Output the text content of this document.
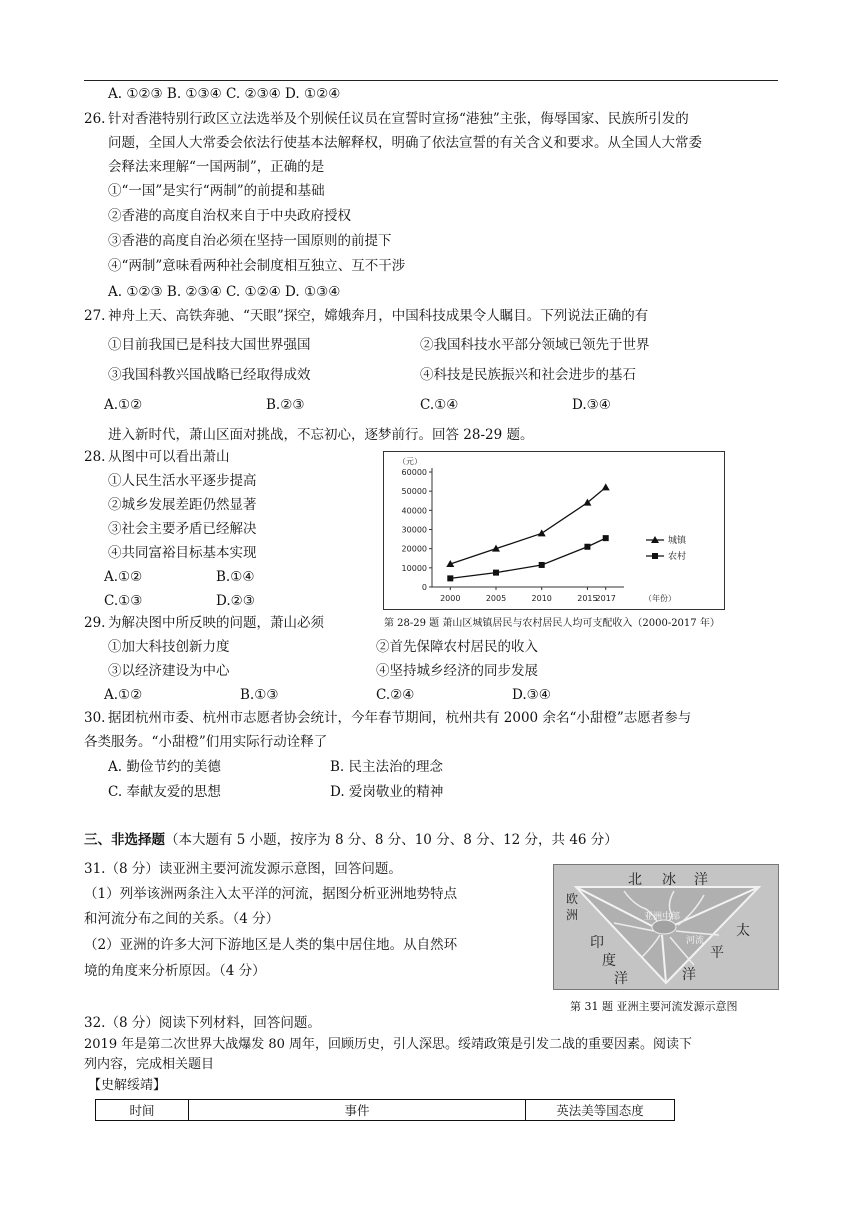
A. ①②③ B. ①③④ C. ②③④ D. ①②④
26. 针对香港特别行政区立法选举及个别候任议员在宣誓时宣扬“港独”主张，侮辱国家、民族所引发的
问题，全国人大常委会依法行使基本法解释权，明确了依法宣誓的有关含义和要求。从全国人大常委
会释法来理解“一国两制”，正确的是
①“一国”是实行“两制”的前提和基础
②香港的高度自治权来自于中央政府授权
③香港的高度自治必须在坚持一国原则的前提下
④“两制”意味看两种社会制度相互独立、互不干涉
A. ①②③ B. ②③④ C. ①②④ D. ①③④
27. 神舟上天、高铁奔驰、“天眼”探空，嫦娥奔月，中国科技成果令人瞩目。下列说法正确的有
①目前我国已是科技大国世界强国	②我国科技水平部分领域已领先于世界
③我国科教兴国战略已经取得成效	④科技是民族振兴和社会进步的基石
A.①②	B.②③	C.①④	D.③④
进入新时代，萧山区面对挑战，不忘初心，逐梦前行。回答 28-29 题。
28. 从图中可以看出萧山
①人民生活水平逐步提高
②城乡发展差距仍然显著
③社会主要矛盾已经解决
④共同富裕目标基本实现
A.①②	B.①④
C.①③	D.②③
0
10000
20000
30000
40000
50000
60000
（元）
2000	2005	2010	2015
2017	（年份）
城镇
农村
第 28-29 题 萧山区城镇居民与农村居民人均可支配收入（2000-2017 年）
29. 为解决图中所反映的问题，萧山必须
①加大科技创新力度	②首先保障农村居民的收入
③以经济建设为中心	④坚持城乡经济的同步发展
A.①②	B.①③	C.②④	D.③④
30. 据团杭州市委、杭州市志愿者协会统计，今年春节期间，杭州共有 2000 余名“小甜橙”志愿者参与
各类服务。“小甜橙”们用实际行动诠释了
A. 勤俭节约的美德	B. 民主法治的理念
C. 奉献友爱的思想	D. 爱岗敬业的精神
三、非选择题（本大题有 5 小题，按序为 8 分、8 分、10 分、8 分、12 分，共 46 分）
31.（8 分）读亚洲主要河流发源示意图，回答问题。
（1）列举该洲两条注入太平洋的河流，据图分析亚洲地势特点
和河流分布之间的关系。（4 分）
（2）亚洲的许多大河下游地区是人类的集中居住地。从自然环
境的角度来分析原因。（4 分）
北 冰 洋
欧
洲	亚洲中部
河流
印
度
洋
太
平
洋
第 31 题 亚洲主要河流发源示意图
32.（8 分）阅读下列材料，回答问题。
2019 年是第二次世界大战爆发 80 周年，回顾历史，引人深思。绥靖政策是引发二战的重要因素。阅读下
列内容，完成相关题目
【史解绥靖】
时间	事件	英法美等国态度
